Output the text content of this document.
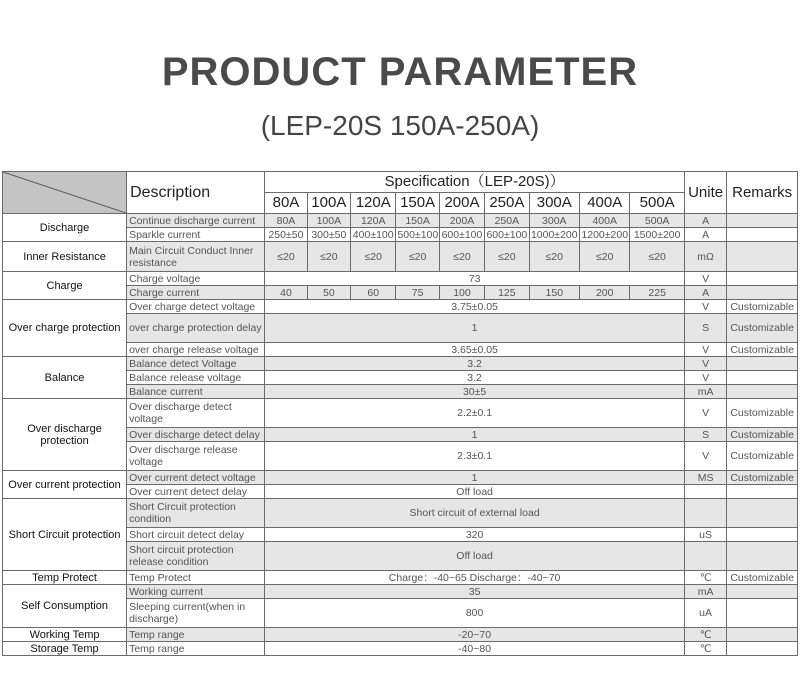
PRODUCT PARAMETER
(LEP-20S 150A-250A)
	Description	Specification（LEP-20S)）									Unite	Remarks
		80A	100A	120A	150A	200A	250A	300A	400A	500A		
Discharge	Continue discharge current	80A	100A	120A	150A	200A	250A	300A	400A	500A	A	
	Sparkle current	250±50	300±50	400±100	500±100	600±100	600±100	1000±200	1200±200	1500±200	A	
Inner Resistance	Main Circuit Conduct Inner resistance	≤20	≤20	≤20	≤20	≤20	≤20	≤20	≤20	≤20	mΩ	
Charge	Charge voltage	73									V	
	Charge current	40	50	60	75	100	125	150	200	225	A	
Over charge protection	Over charge detect voltage	3.75±0.05									V	Customizable
	over charge protection delay	1									S	Customizable
	over charge release voltage	3.65±0.05									V	Customizable
Balance	Balance detect Voltage	3.2									V	
	Balance release voltage	3.2									V	
	Balance current	30±5									mA	
Over discharge protection	Over discharge detect voltage	2.2±0.1									V	Customizable
	Over discharge detect delay	1									S	Customizable
	Over discharge release voltage	2.3±0.1									V	Customizable
Over current protection	Over current detect voltage	1									MS	Customizable
	Over current detect delay	Off load										
Short Circuit protection	Short Circuit protection condition	Short circuit of external load										
	Short circuit detect delay	320									uS	
	Short circuit protection release condition	Off load										
Temp Protect	Temp Protect	Charge：-40~65 Discharge：-40~70									℃	Customizable
Self Consumption	Working current	35									mA	
	Sleeping current(when in discharge)	800									uA	
Working Temp	Temp range	-20~70									℃	
Storage Temp	Temp range	-40~80									℃	
